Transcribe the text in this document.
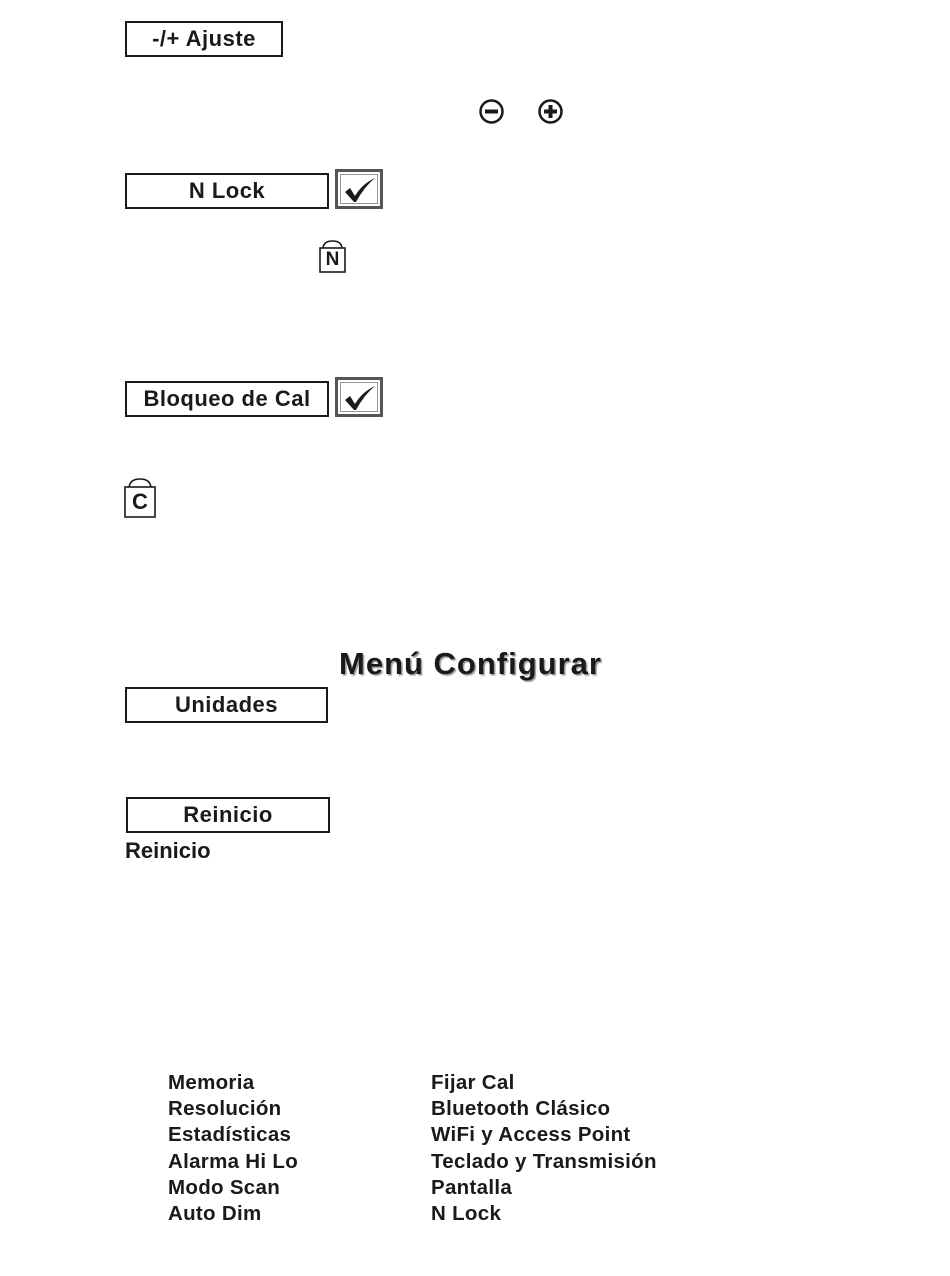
-/+ Ajuste
N Lock
N
Bloqueo de Cal
C
Menú Configurar
Unidades
Reinicio
Reinicio
Memoria
Resolución
Estadísticas
Alarma Hi Lo
Modo Scan
Auto Dim
Fijar Cal
Bluetooth Clásico
WiFi y Access Point
Teclado y Transmisión
Pantalla
N Lock
